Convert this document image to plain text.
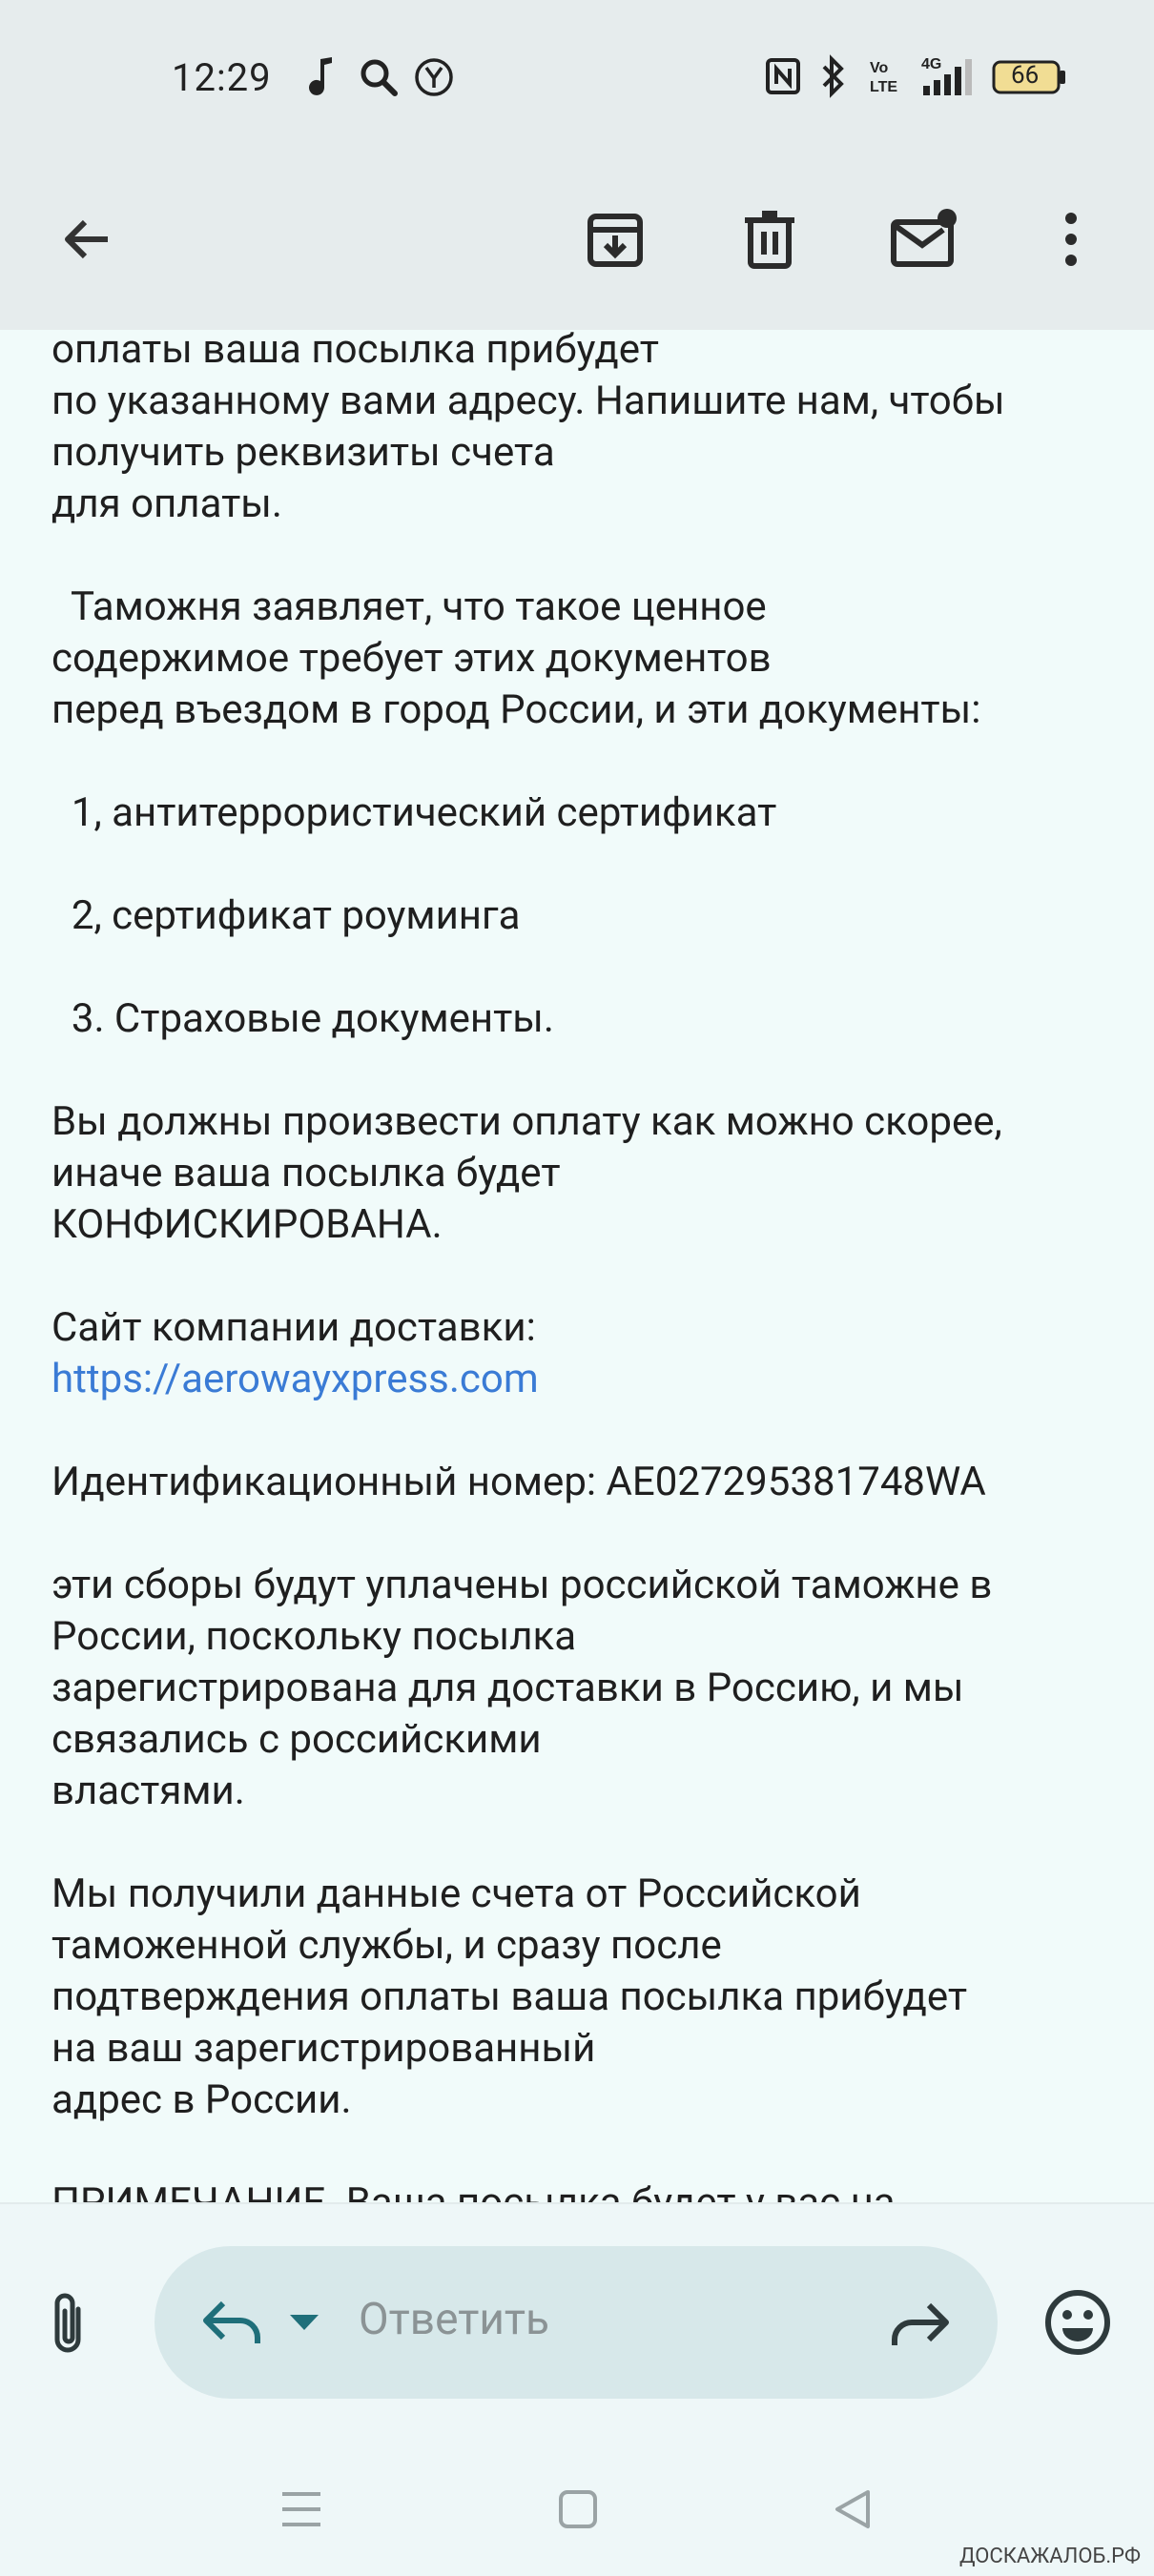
12:29	Vo
LTE
4G	66

оплаты ваша посылка прибудет

по указанному вами адресу. Напишите нам, чтобы

получить реквизиты счета

для оплаты.

Таможня заявляет, что такое ценное

содержимое требует этих документов

перед въездом в город России, и эти документы:

1, антитеррористический сертификат

2, сертификат роуминга

3. Страховые документы.

Вы должны произвести оплату как можно скорее,

иначе ваша посылка будет

КОНФИСКИРОВАНА.

Сайт компании доставки:

https://aerowayxpress.com

Идентификационный номер: AE027295381748WA

эти сборы будут уплачены российской таможне в

России, поскольку посылка

зарегистрирована для доставки в Россию, и мы

связались с российскими

властями.

Мы получили данные счета от Российской

таможенной службы, и сразу после

подтверждения оплаты ваша посылка прибудет

на ваш зарегистрированный

адрес в России.

Ответить
ДОСКАЖАЛОБ.РФ
